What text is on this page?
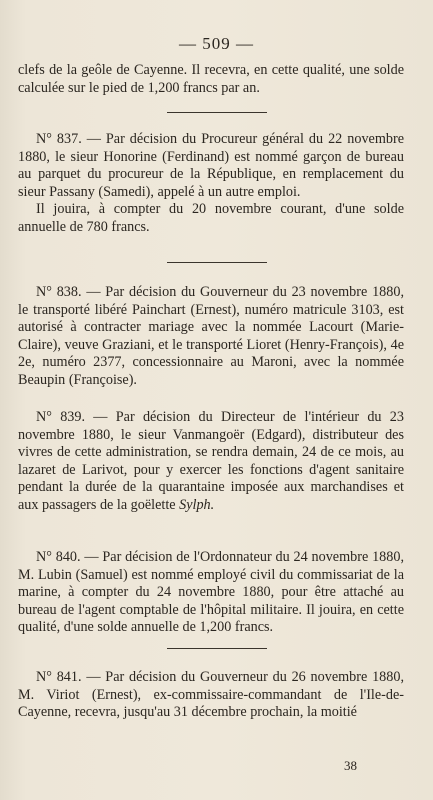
— 509 —

clefs de la geôle de Cayenne. Il recevra, en cette qualité, une solde calculée sur le pied de 1,200 francs par an.

N° 837. — Par décision du Procureur général du 22 novembre 1880, le sieur Honorine (Ferdinand) est nommé garçon de bureau au parquet du procureur de la République, en remplacement du sieur Passany (Samedi), appelé à un autre emploi.

Il jouira, à compter du 20 novembre courant, d'une solde annuelle de 780 francs.

N° 838. — Par décision du Gouverneur du 23 novembre 1880, le transporté libéré Painchart (Ernest), numéro matricule 3103, est autorisé à contracter mariage avec la nommée Lacourt (Marie-Claire), veuve Graziani, et le transporté Lioret (Henry-François), 4e 2e, numéro 2377, concessionnaire au Maroni, avec la nommée Beaupin (Françoise).

N° 839. — Par décision du Directeur de l'intérieur du 23 novembre 1880, le sieur Vanmangoër (Edgard), distributeur des vivres de cette administration, se rendra demain, 24 de ce mois, au lazaret de Larivot, pour y exercer les fonctions d'agent sanitaire pendant la durée de la quarantaine imposée aux marchandises et aux passagers de la goëlette Sylph.

N° 840. — Par décision de l'Ordonnateur du 24 novembre 1880, M. Lubin (Samuel) est nommé employé civil du commissariat de la marine, à compter du 24 novembre 1880, pour être attaché au bureau de l'agent comptable de l'hôpital militaire. Il jouira, en cette qualité, d'une solde annuelle de 1,200 francs.

N° 841. — Par décision du Gouverneur du 26 novembre 1880, M. Viriot (Ernest), ex-commissaire-commandant de l'Ile-de-Cayenne, recevra, jusqu'au 31 décembre prochain, la moitié

38
